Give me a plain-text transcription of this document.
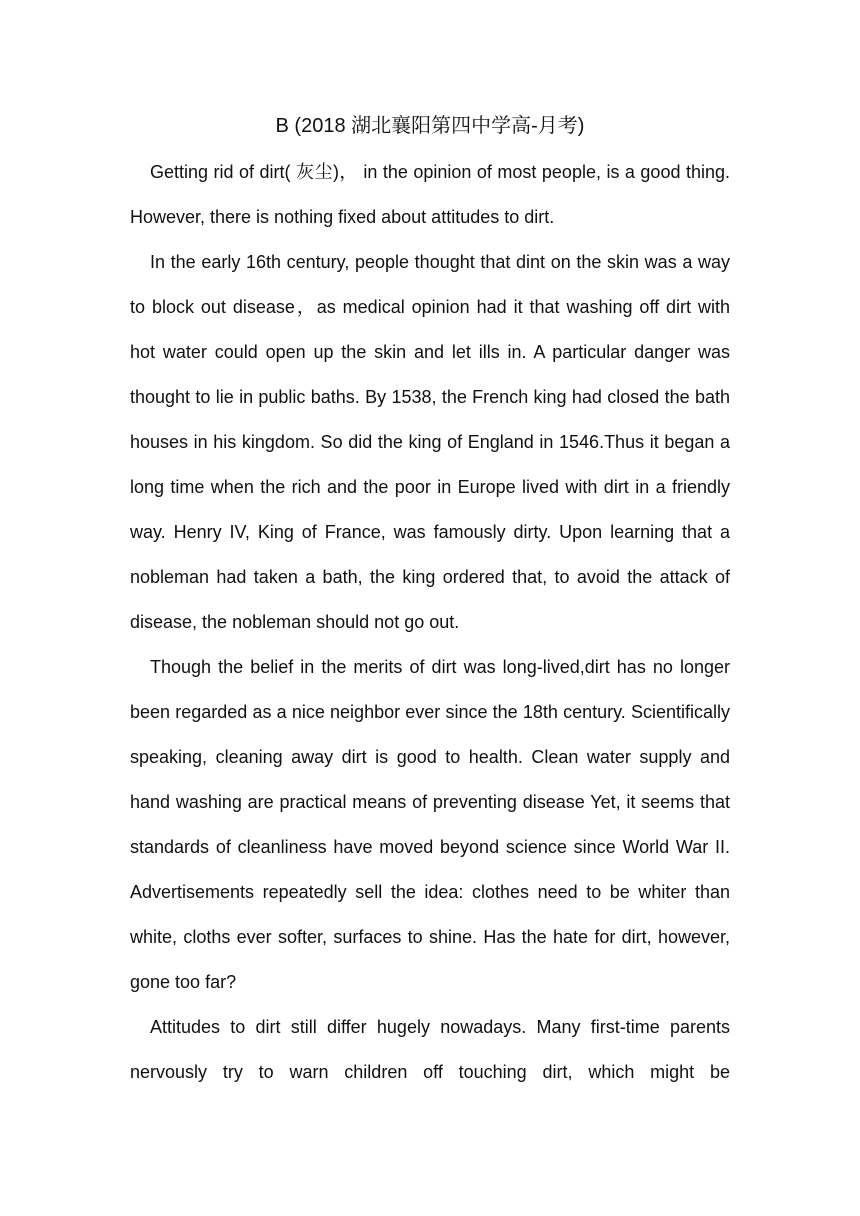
B (2018 湖北襄阳第四中学高-月考)

Getting rid of dirt( 灰尘)， in the opinion of most people, is a good thing. However, there is nothing fixed about attitudes to dirt.

In the early 16th century, people thought that dint on the skin was a way to block out disease，as medical opinion had it that washing off dirt with hot water could open up the skin and let ills in. A particular danger was thought to lie in public baths. By 1538, the French king had closed the bath houses in his kingdom. So did the king of England in 1546.Thus it began a long time when the rich and the poor in Europe lived with dirt in a friendly way. Henry IV, King of France, was famously dirty. Upon learning that a nobleman had taken a bath, the king ordered that, to avoid the attack of disease, the nobleman should not go out.

Though the belief in the merits of dirt was long-lived,dirt has no longer been regarded as a nice neighbor ever since the 18th century. Scientifically speaking, cleaning away dirt is good to health. Clean water supply and hand washing are practical means of preventing disease Yet, it seems that standards of cleanliness have moved beyond science since World War II. Advertisements repeatedly sell the idea: clothes need to be whiter than white, cloths ever softer, surfaces to shine. Has the hate for dirt, however, gone too far?

Attitudes to dirt still differ hugely nowadays. Many first-time parents nervously try to warn children off touching dirt, which might be
